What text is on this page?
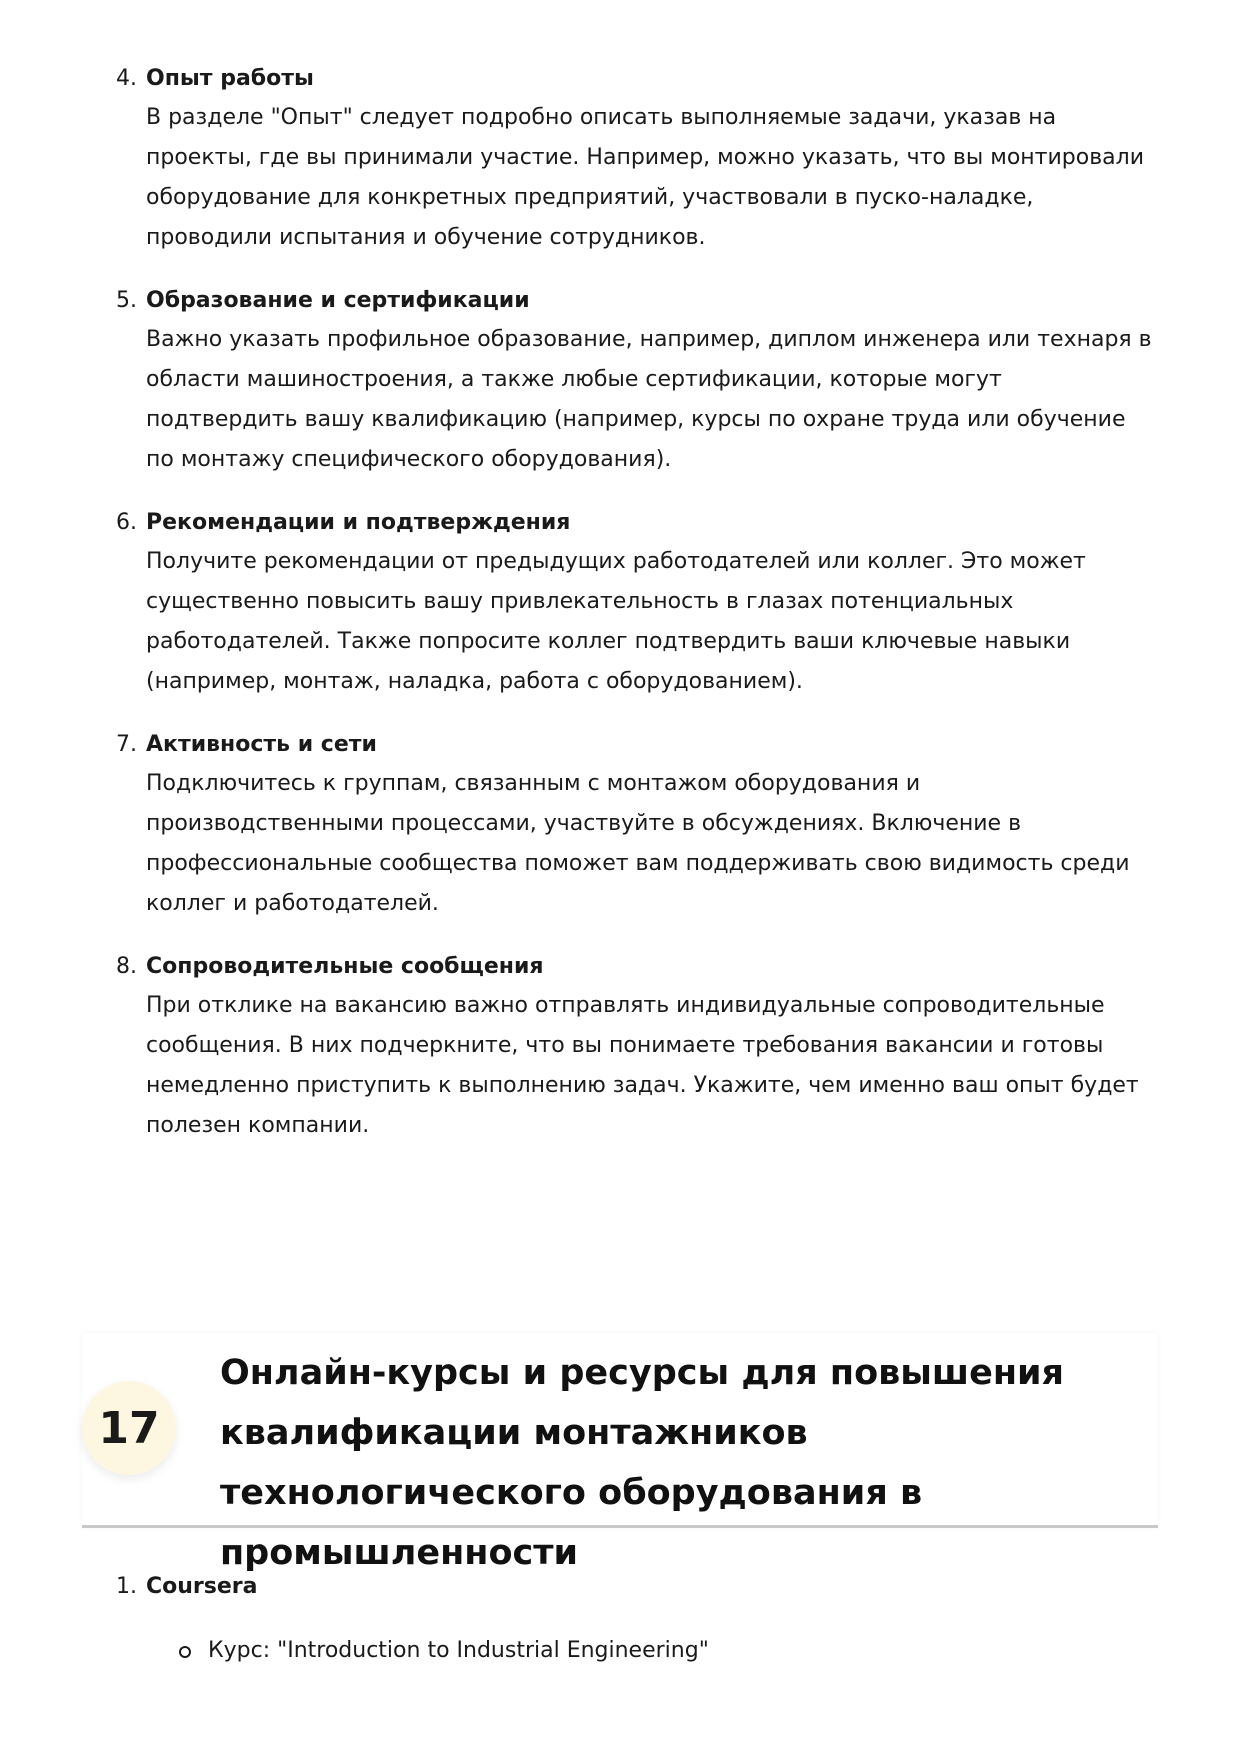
4. Опыт работы

В разделе "Опыт" следует подробно описать выполняемые задачи, указав на проекты, где вы принимали участие. Например, можно указать, что вы монтировали оборудование для конкретных предприятий, участвовали в пуско-наладке, проводили испытания и обучение сотрудников.

5. Образование и сертификации

Важно указать профильное образование, например, диплом инженера или технаря в области машиностроения, а также любые сертификации, которые могут подтвердить вашу квалификацию (например, курсы по охране труда или обучение по монтажу специфического оборудования).

6. Рекомендации и подтверждения

Получите рекомендации от предыдущих работодателей или коллег. Это может существенно повысить вашу привлекательность в глазах потенциальных работодателей. Также попросите коллег подтвердить ваши ключевые навыки (например, монтаж, наладка, работа с оборудованием).

7. Активность и сети

Подключитесь к группам, связанным с монтажом оборудования и производственными процессами, участвуйте в обсуждениях. Включение в профессиональные сообщества поможет вам поддерживать свою видимость среди коллег и работодателей.

8. Сопроводительные сообщения

При отклике на вакансию важно отправлять индивидуальные сопроводительные сообщения. В них подчеркните, что вы понимаете требования вакансии и готовы немедленно приступить к выполнению задач. Укажите, чем именно ваш опыт будет полезен компании.

17
Онлайн-курсы и ресурсы для повышения квалификации монтажников технологического оборудования в промышленности
1. Coursera

Курс: "Introduction to Industrial Engineering"
